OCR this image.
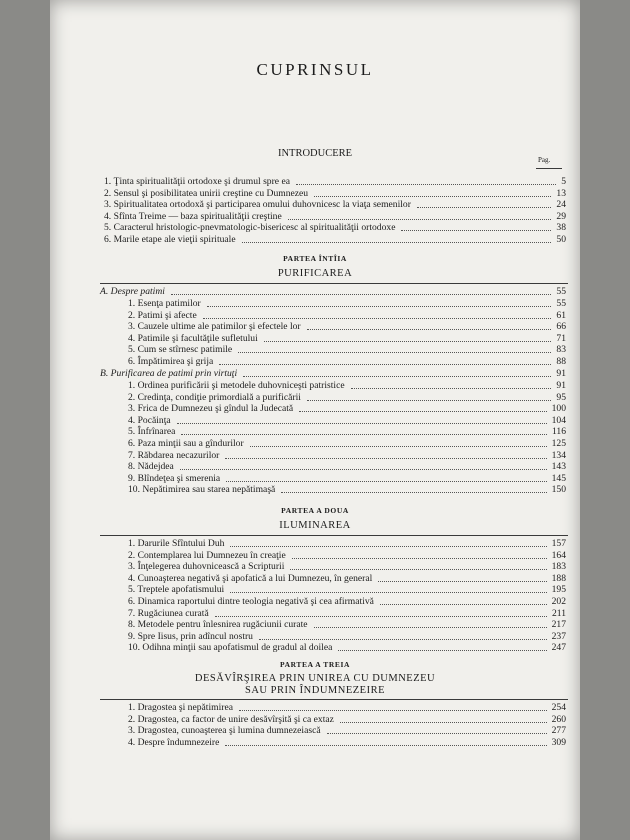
CUPRINSUL
INTRODUCERE
Pag.
1. Ţinta spiritualităţii ortodoxe şi drumul spre ea	5
2. Sensul şi posibilitatea unirii creştine cu Dumnezeu	13
3. Spiritualitatea ortodoxă şi participarea omului duhovnicesc la viaţa semenilor	24
4. Sfînta Treime — baza spiritualităţii creştine	29
5. Caracterul hristologic-pnevmatologic-bisericesc al spiritualităţii ortodoxe	38
6. Marile etape ale vieţii spirituale	50
PARTEA ÎNTÎIA
PURIFICAREA
A. Despre patimi	55
1. Esenţa patimilor	55
2. Patimi şi afecte	61
3. Cauzele ultime ale patimilor şi efectele lor	66
4. Patimile şi facultăţile sufletului	71
5. Cum se stîrnesc patimile	83
6. Împătimirea şi grija	88
B. Purificarea de patimi prin virtuţi	91
1. Ordinea purificării şi metodele duhovniceşti patristice	91
2. Credinţa, condiţie primordială a purificării	95
3. Frica de Dumnezeu şi gîndul la Judecată	100
4. Pocăinţa	104
5. Înfrînarea	116
6. Paza minţii sau a gîndurilor	125
7. Răbdarea necazurilor	134
8. Nădejdea	143
9. Blîndeţea şi smerenia	145
10. Nepătimirea sau starea nepătimaşă	150
PARTEA A DOUA
ILUMINAREA
1. Darurile Sfîntului Duh	157
2. Contemplarea lui Dumnezeu în creaţie	164
3. Înţelegerea duhovnicească a Scripturii	183
4. Cunoaşterea negativă şi apofatică a lui Dumnezeu, în general	188
5. Treptele apofatismului	195
6. Dinamica raportului dintre teologia negativă şi cea afirmativă	202
7. Rugăciunea curată	211
8. Metodele pentru înlesnirea rugăciunii curate	217
9. Spre Iisus, prin adîncul nostru	237
10. Odihna minţii sau apofatismul de gradul al doilea	247
PARTEA A TREIA
DESĂVÎRŞIREA PRIN UNIREA CU DUMNEZEU
SAU PRIN ÎNDUMNEZEIRE
1. Dragostea şi nepătimirea	254
2. Dragostea, ca factor de unire desăvîrşită şi ca extaz	260
3. Dragostea, cunoaşterea şi lumina dumnezeiască	277
4. Despre îndumnezeire	309
